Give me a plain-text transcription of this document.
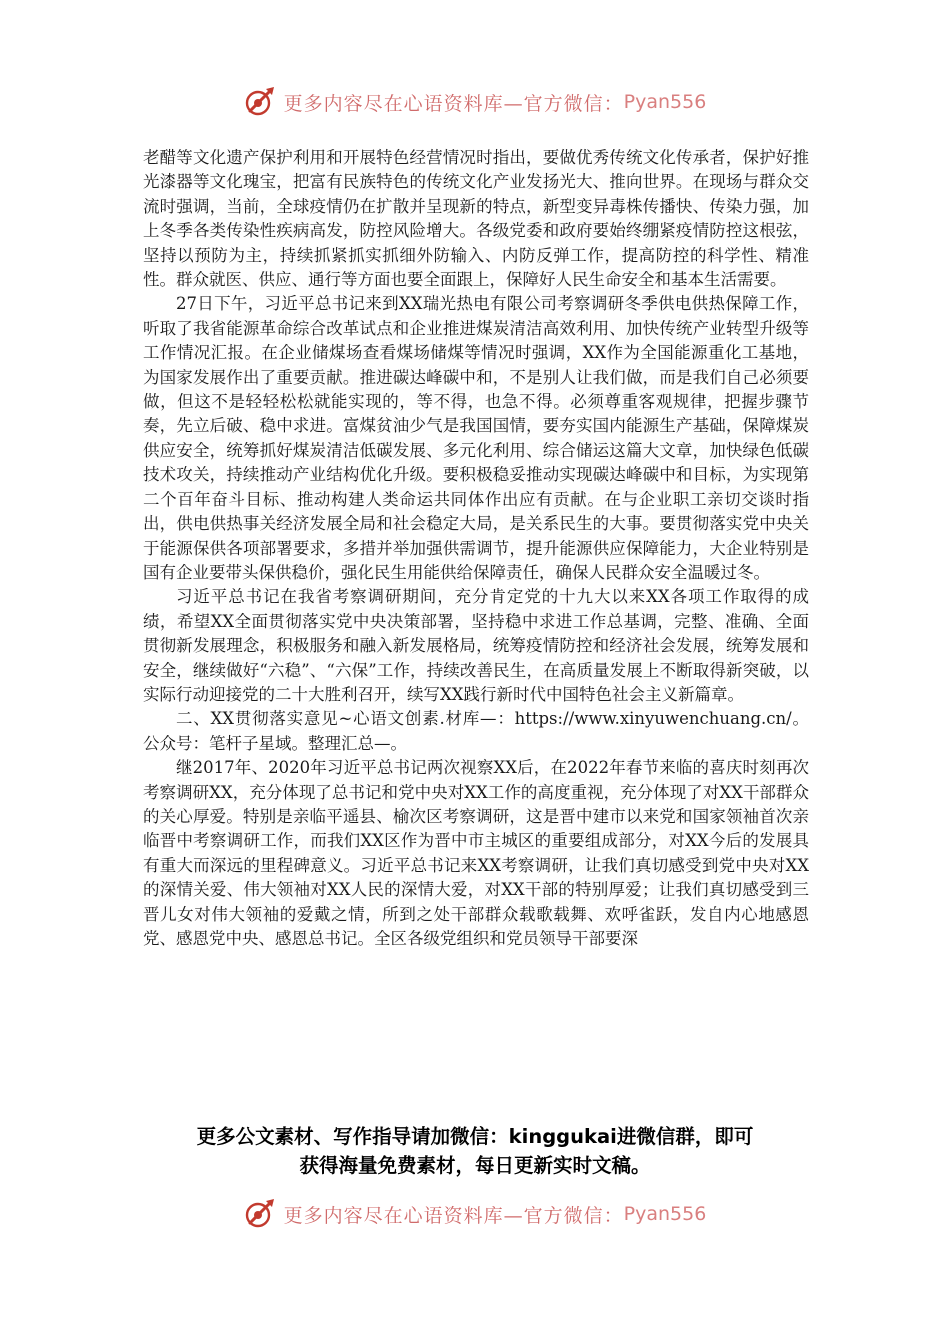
更多内容尽在心语资料库—官方微信： Pyan556

老醋等文化遗产保护利用和开展特色经营情况时指出，要做优秀传统文化传承者，保护好推光漆器等文化瑰宝，把富有民族特色的传统文化产业发扬光大、推向世界。在现场与群众交流时强调，当前，全球疫情仍在扩散并呈现新的特点，新型变异毒株传播快、传染力强，加上冬季各类传染性疾病高发，防控风险增大。各级党委和政府要始终绷紧疫情防控这根弦，坚持以预防为主，持续抓紧抓实抓细外防输入、内防反弹工作，提高防控的科学性、精准性。群众就医、供应、通行等方面也要全面跟上，保障好人民生命安全和基本生活需要。

27日下午，习近平总书记来到XX瑞光热电有限公司考察调研冬季供电供热保障工作，听取了我省能源革命综合改革试点和企业推进煤炭清洁高效利用、加快传统产业转型升级等工作情况汇报。在企业储煤场查看煤场储煤等情况时强调，XX作为全国能源重化工基地，为国家发展作出了重要贡献。推进碳达峰碳中和，不是别人让我们做，而是我们自己必须要做，但这不是轻轻松松就能实现的，等不得，也急不得。必须尊重客观规律，把握步骤节奏，先立后破、稳中求进。富煤贫油少气是我国国情，要夯实国内能源生产基础，保障煤炭供应安全，统筹抓好煤炭清洁低碳发展、多元化利用、综合储运这篇大文章，加快绿色低碳技术攻关，持续推动产业结构优化升级。要积极稳妥推动实现碳达峰碳中和目标，为实现第二个百年奋斗目标、推动构建人类命运共同体作出应有贡献。在与企业职工亲切交谈时指出，供电供热事关经济发展全局和社会稳定大局，是关系民生的大事。要贯彻落实党中央关于能源保供各项部署要求，多措并举加强供需调节，提升能源供应保障能力，大企业特别是国有企业要带头保供稳价，强化民生用能供给保障责任，确保人民群众安全温暖过冬。

习近平总书记在我省考察调研期间，充分肯定党的十九大以来XX各项工作取得的成绩，希望XX全面贯彻落实党中央决策部署，坚持稳中求进工作总基调，完整、准确、全面贯彻新发展理念，积极服务和融入新发展格局，统筹疫情防控和经济社会发展，统筹发展和安全，继续做好“六稳”、“六保”工作，持续改善民生，在高质量发展上不断取得新突破，以实际行动迎接党的二十大胜利召开，续写XX践行新时代中国特色社会主义新篇章。

二、XX贯彻落实意见~心语文创素.材库—：https://www.xinyuwenchuang.cn/。公众号：笔杆子星域。整理汇总—。

继2017年、2020年习近平总书记两次视察XX后，在2022年春节来临的喜庆时刻再次考察调研XX，充分体现了总书记和党中央对XX工作的高度重视，充分体现了对XX干部群众的关心厚爱。特别是亲临平遥县、榆次区考察调研，这是晋中建市以来党和国家领袖首次亲临晋中考察调研工作，而我们XX区作为晋中市主城区的重要组成部分，对XX今后的发展具有重大而深远的里程碑意义。习近平总书记来XX考察调研，让我们真切感受到党中央对XX的深情关爱、伟大领袖对XX人民的深情大爱，对XX干部的特别厚爱；让我们真切感受到三晋儿女对伟大领袖的爱戴之情，所到之处干部群众载歌载舞、欢呼雀跃，发自内心地感恩党、感恩党中央、感恩总书记。全区各级党组织和党员领导干部要深

更多公文素材、写作指导请加微信：kinggukai进微信群，即可
获得海量免费素材，每日更新实时文稿。
更多内容尽在心语资料库—官方微信： Pyan556
